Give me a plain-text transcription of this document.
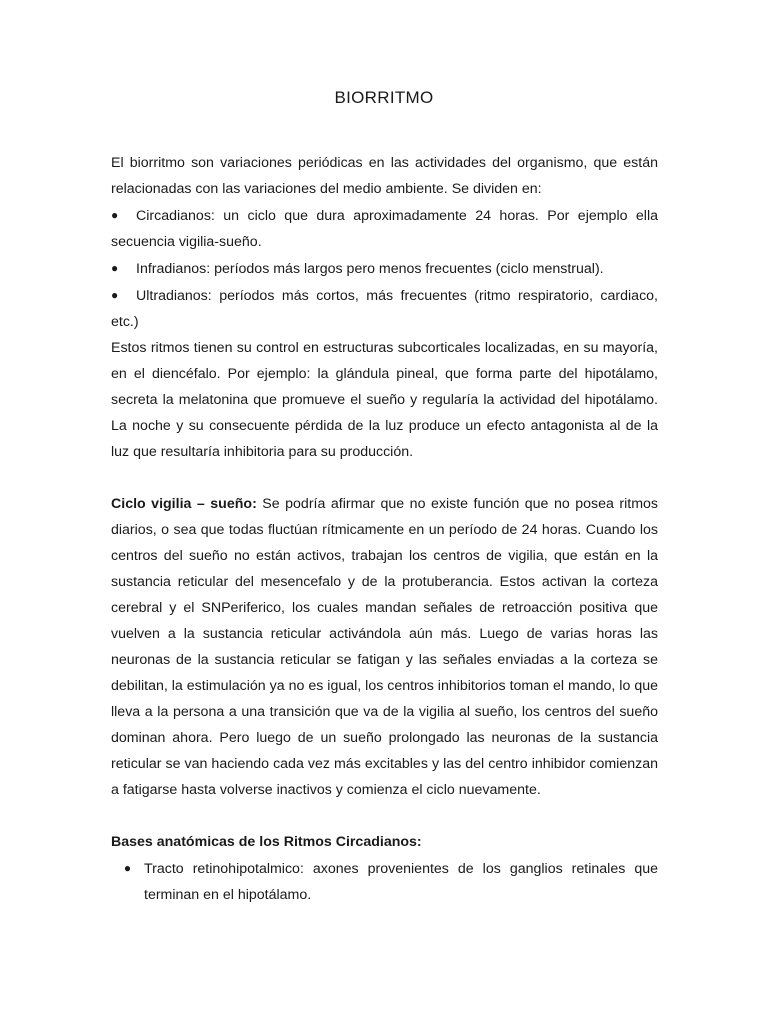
BIORRITMO

El biorritmo son variaciones periódicas en las actividades del organismo, que están relacionadas con las variaciones del medio ambiente. Se dividen en:

● Circadianos: un ciclo que dura aproximadamente 24 horas. Por ejemplo ella secuencia vigilia-sueño.
● Infradianos: períodos más largos pero menos frecuentes (ciclo menstrual).
● Ultradianos: períodos más cortos, más frecuentes (ritmo respiratorio, cardiaco, etc.)

Estos ritmos tienen su control en estructuras subcorticales localizadas, en su mayoría, en el diencéfalo. Por ejemplo: la glándula pineal, que forma parte del hipotálamo, secreta la melatonina que promueve el sueño y regularía la actividad del hipotálamo. La noche y su consecuente pérdida de la luz produce un efecto antagonista al de la luz que resultaría inhibitoria para su producción.

Ciclo vigilia – sueño: Se podría afirmar que no existe función que no posea ritmos diarios, o sea que todas fluctúan rítmicamente en un período de 24 horas. Cuando los centros del sueño no están activos, trabajan los centros de vigilia, que están en la sustancia reticular del mesencefalo y de la protuberancia. Estos activan la corteza cerebral y el SNPeriferico, los cuales mandan señales de retroacción positiva que vuelven a la sustancia reticular activándola aún más. Luego de varias horas las neuronas de la sustancia reticular se fatigan y las señales enviadas a la corteza se debilitan, la estimulación ya no es igual, los centros inhibitorios toman el mando, lo que lleva a la persona a una transición que va de la vigilia al sueño, los centros del sueño dominan ahora. Pero luego de un sueño prolongado las neuronas de la sustancia reticular se van haciendo cada vez más excitables y las del centro inhibidor comienzan a fatigarse hasta volverse inactivos y comienza el ciclo nuevamente.

Bases anatómicas de los Ritmos Circadianos:

● Tracto retinohipotalmico: axones provenientes de los ganglios retinales que terminan en el hipotálamo.
